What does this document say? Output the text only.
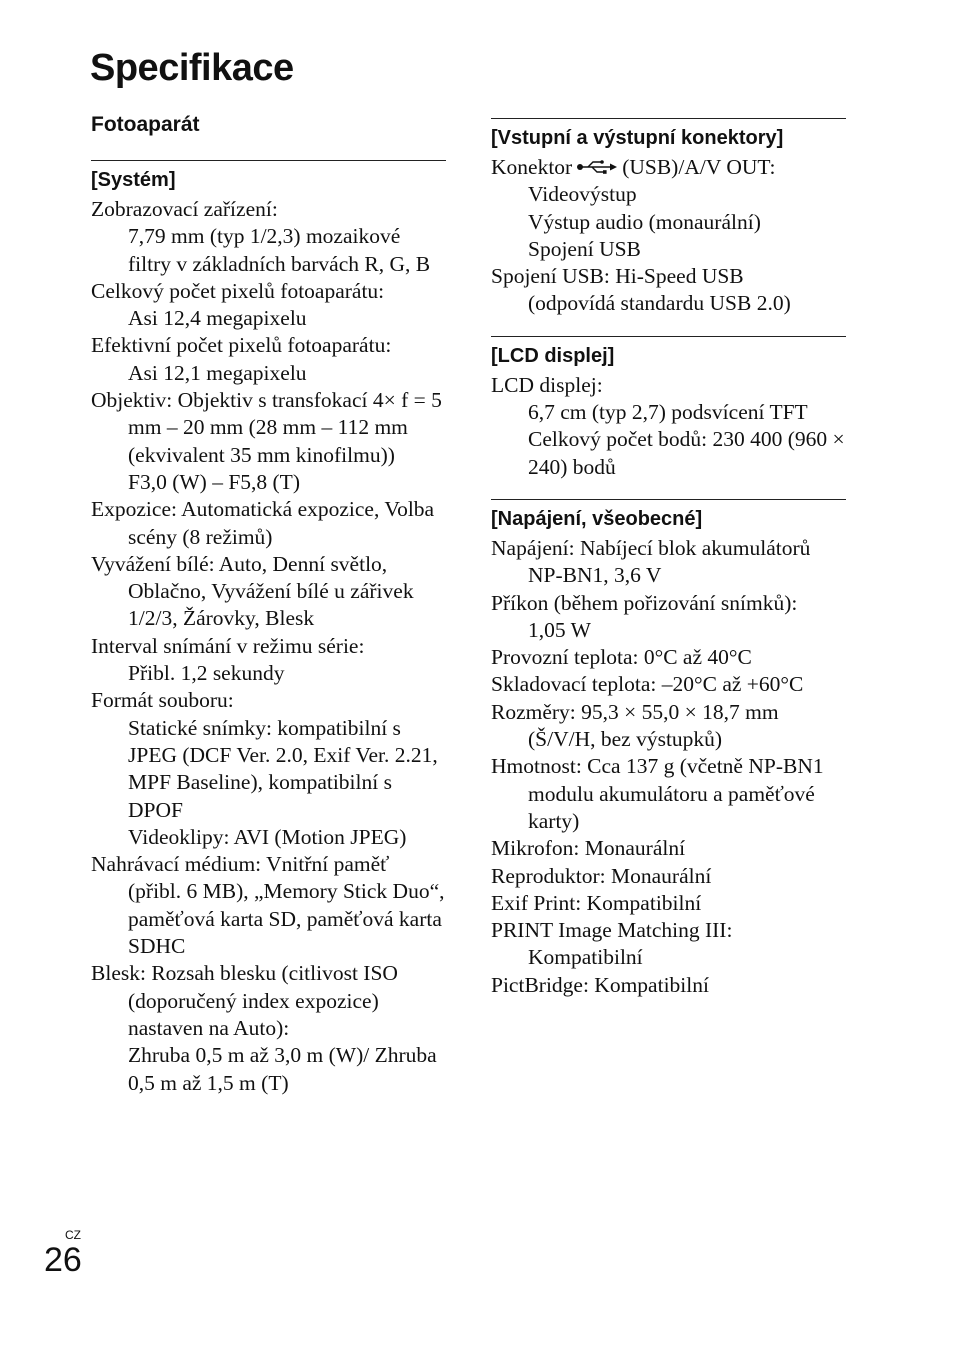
Specifikace
Fotoaparát
[Systém]
Zobrazovací zařízení:
7,79 mm (typ 1/2,3) mozaikové filtry v základních barvách R, G, B
Celkový počet pixelů fotoaparátu:
Asi 12,4 megapixelu
Efektivní počet pixelů fotoaparátu:
Asi 12,1 megapixelu
Objektiv: Objektiv s transfokací 4× f = 5 mm – 20 mm (28 mm – 112 mm (ekvivalent 35 mm kinofilmu))
F3,0 (W) – F5,8 (T)
Expozice: Automatická expozice, Volba scény (8 režimů)
Vyvážení bílé: Auto, Denní světlo, Oblačno, Vyvážení bílé u zářivek 1/2/3, Žárovky, Blesk
Interval snímání v režimu série:
Přibl. 1,2 sekundy
Formát souboru:
Statické snímky: kompatibilní s JPEG (DCF Ver. 2.0, Exif Ver. 2.21, MPF Baseline), kompatibilní s DPOF
Videoklipy: AVI (Motion JPEG)
Nahrávací médium: Vnitřní paměť (přibl. 6 MB), „Memory Stick Duo“, paměťová karta SD, paměťová karta SDHC
Blesk: Rozsah blesku (citlivost ISO (doporučený index expozice) nastaven na Auto):
Zhruba 0,5 m až 3,0 m (W)/ Zhruba 0,5 m až 1,5 m (T)
[Vstupní a výstupní konektory]
Konektor (USB)/A/V OUT:
Videovýstup
Výstup audio (monaurální)
Spojení USB
Spojení USB: Hi-Speed USB
(odpovídá standardu USB 2.0)
[LCD displej]
LCD displej:
6,7 cm (typ 2,7) podsvícení TFT
Celkový počet bodů: 230 400 (960 × 240) bodů
[Napájení, všeobecné]
Napájení: Nabíjecí blok akumulátorů NP-BN1, 3,6 V
Příkon (během pořizování snímků):
1,05 W
Provozní teplota: 0°C až 40°C
Skladovací teplota: –20°C až +60°C
Rozměry: 95,3 × 55,0 × 18,7 mm (Š/V/H, bez výstupků)
Hmotnost: Cca 137 g (včetně NP-BN1 modulu akumulátoru a paměťové karty)
Mikrofon: Monaurální
Reproduktor: Monaurální
Exif Print: Kompatibilní
PRINT Image Matching III: Kompatibilní
PictBridge: Kompatibilní
CZ
26
